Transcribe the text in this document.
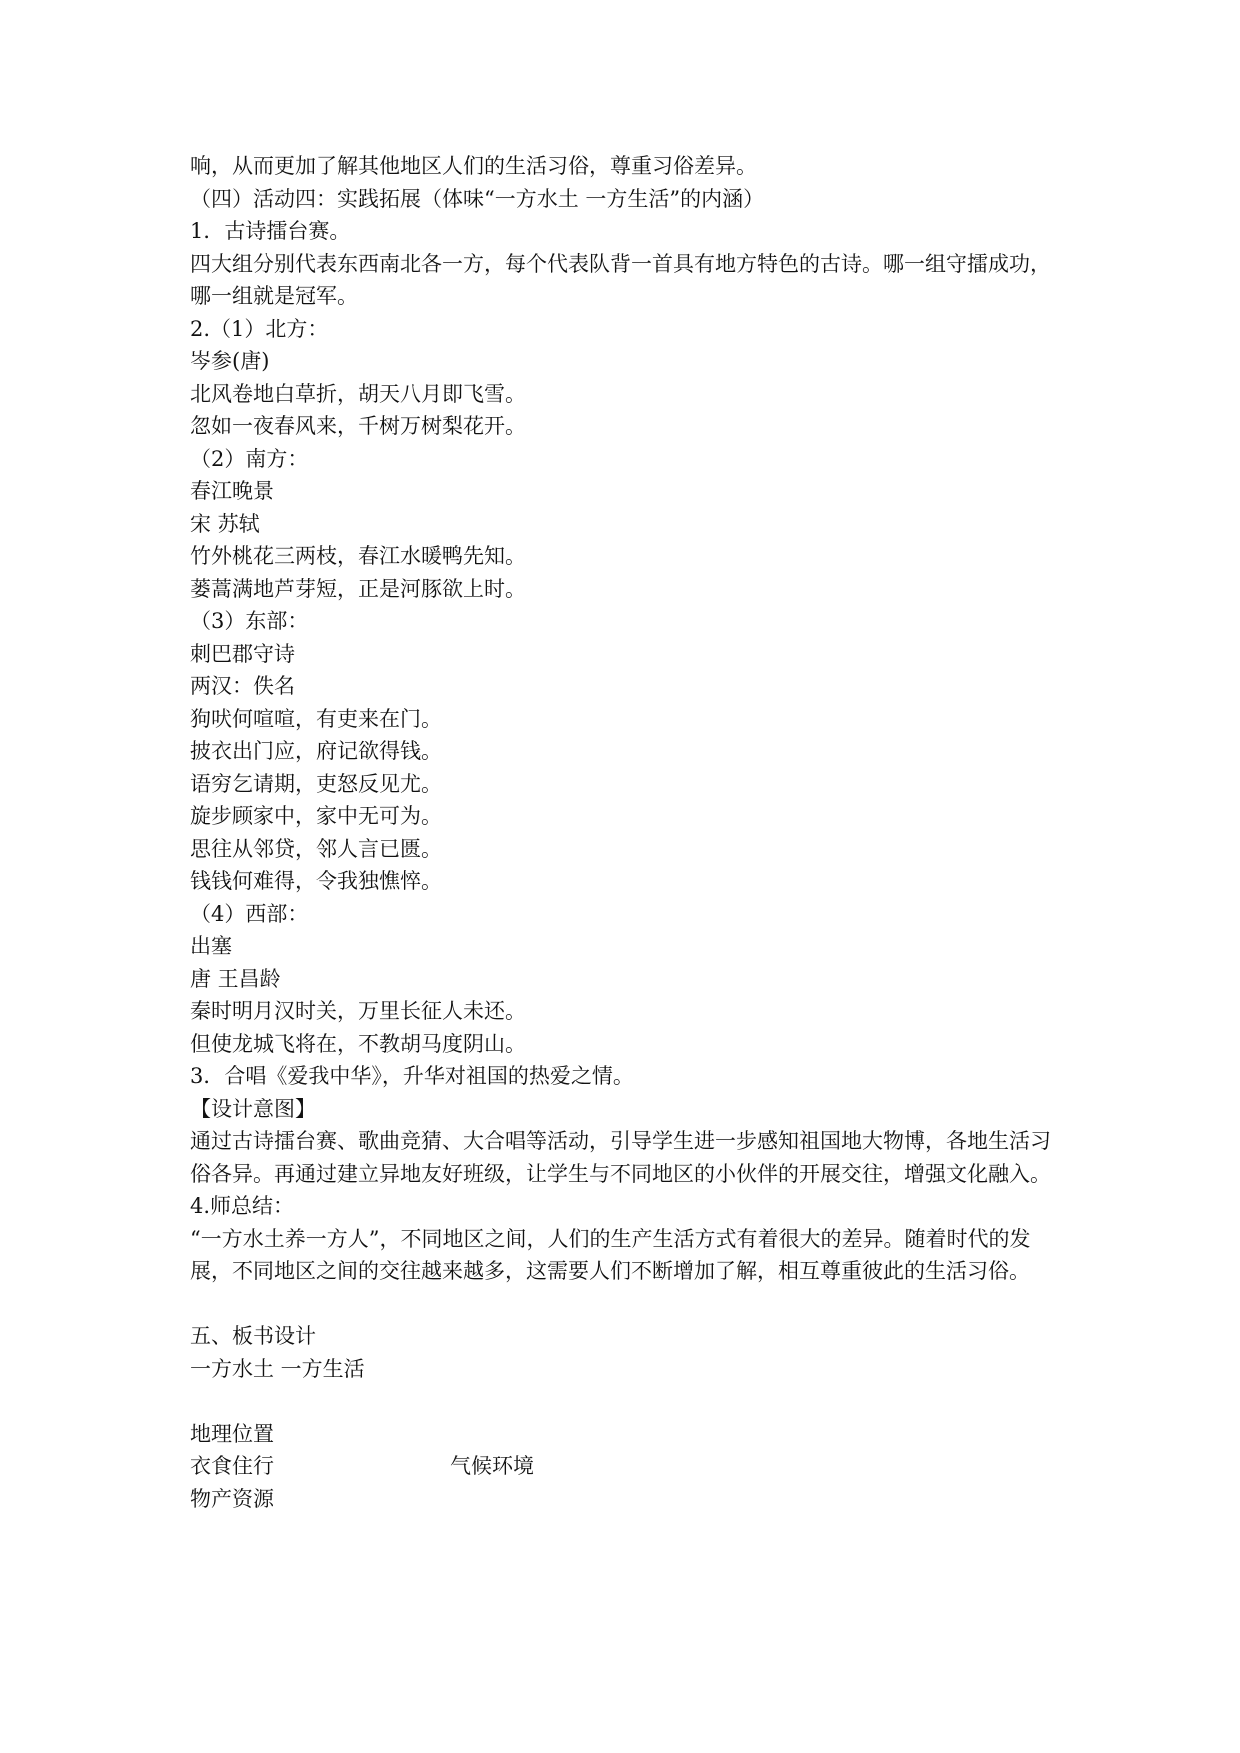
响，从而更加了解其他地区人们的生活习俗，尊重习俗差异。
（四）活动四：实践拓展（体味“一方水土 一方生活”的内涵）
1．古诗擂台赛。
四大组分别代表东西南北各一方，每个代表队背一首具有地方特色的古诗。哪一组守擂成功，哪一组就是冠军。
2.（1）北方：
岑参(唐)
北风卷地白草折，胡天八月即飞雪。
忽如一夜春风来，千树万树梨花开。
（2）南方：
春江晚景
宋 苏轼
竹外桃花三两枝，春江水暖鸭先知。
蒌蒿满地芦芽短，正是河豚欲上时。
（3）东部：
刺巴郡守诗
两汉：佚名
狗吠何喧喧，有吏来在门。
披衣出门应，府记欲得钱。
语穷乞请期，吏怒反见尤。
旋步顾家中，家中无可为。
思往从邻贷，邻人言已匮。
钱钱何难得，令我独憔悴。
（4）西部：
出塞
唐 王昌龄
秦时明月汉时关，万里长征人未还。
但使龙城飞将在，不教胡马度阴山。
3．合唱《爱我中华》，升华对祖国的热爱之情。
【设计意图】
通过古诗擂台赛、歌曲竞猜、大合唱等活动，引导学生进一步感知祖国地大物博，各地生活习俗各异。再通过建立异地友好班级，让学生与不同地区的小伙伴的开展交往，增强文化融入。
4.师总结：
“一方水土养一方人”，不同地区之间，人们的生产生活方式有着很大的差异。随着时代的发展，不同地区之间的交往越来越多，这需要人们不断增加了解，相互尊重彼此的生活习俗。
五、板书设计
一方水土 一方生活
地理位置
衣食住行	气候环境
物产资源
